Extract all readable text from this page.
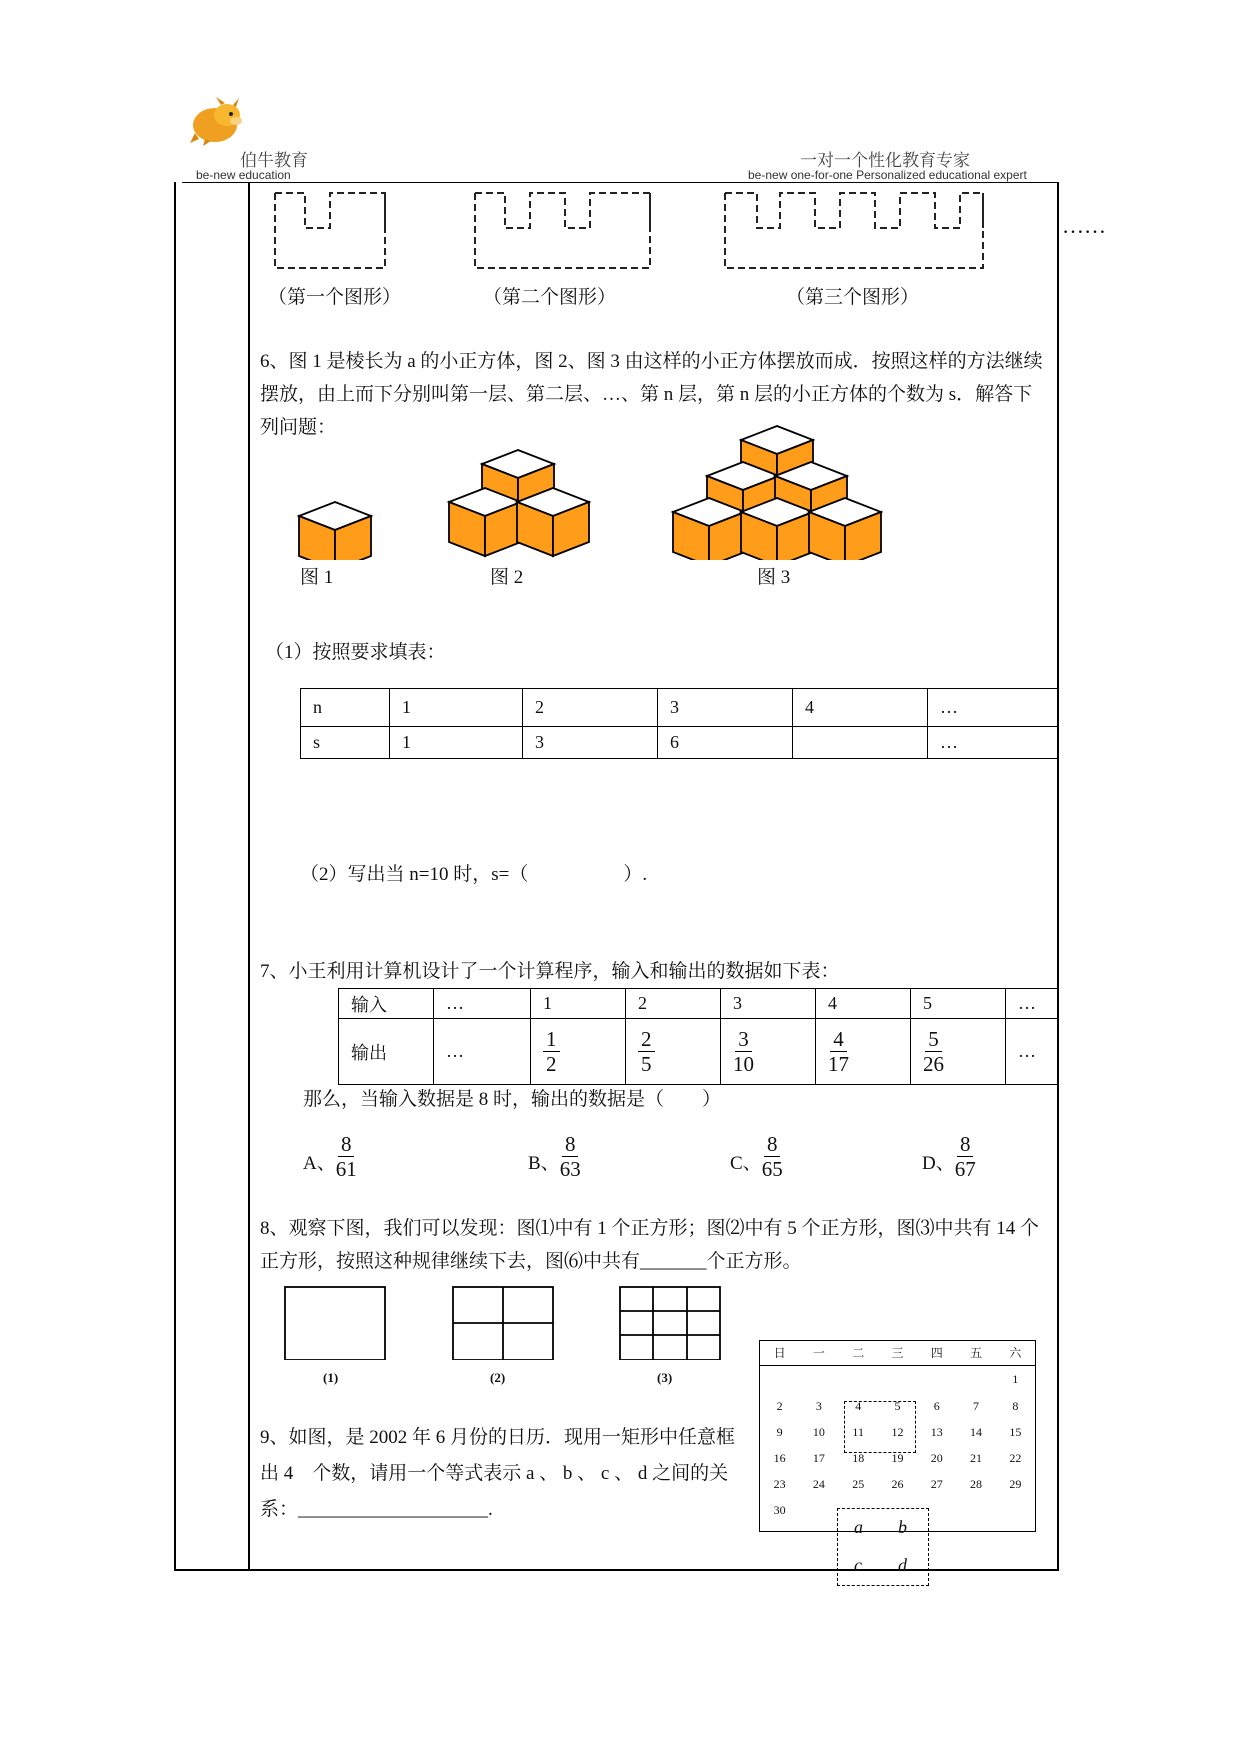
伯牛教育
be-new education
一对一个性化教育专家
be-new one-for-one Personalized educational expert
（第一个图形）	（第二个图形）	（第三个图形）
……
6、图 1 是棱长为 a 的小正方体，图 2、图 3 由这样的小正方体摆放而成．按照这样的方法继续摆放，由上而下分别叫第一层、第二层、…、第 n 层，第 n 层的小正方体的个数为 s．解答下列问题：
图 1	图 2	图 3
（1）按照要求填表：
n	1	2	3	4	…
s	1	3	6		…
（2）写出当 n=10 时，s=（　　　　　）.
7、小王利用计算机设计了一个计算程序，输入和输出的数据如下表：
输入	…	1	2	3	4	5	…
输出	…	$\frac{1}{2}$	$\frac{2}{5}$	$\frac{3}{10}$	$\frac{4}{17}$	$\frac{5}{26}$	…
那么，当输入数据是 8 时，输出的数据是（　　）
A、 $\frac{8}{61}$	B、 $\frac{8}{63}$	C、 $\frac{8}{65}$	D、 $\frac{8}{67}$
8、观察下图，我们可以发现：图⑴中有 1 个正方形；图⑵中有 5 个正方形，图⑶中共有 14 个正方形，按照这种规律继续下去，图⑹中共有_______个正方形。
(1)	(2)	(3)
9、如图，是 2002 年 6 月份的日历．现用一矩形中任意框出 4　个数，请用一个等式表示 a 、 b 、 c 、 d 之间的关系：____________________.
日	一	二	三	四	五	六
						1
2	3	4	5	6	7	8
9	10	11	12	13	14	15
16	17	18	19	20	21	22
23	24	25	26	27	28	29
30						
a b
c d
